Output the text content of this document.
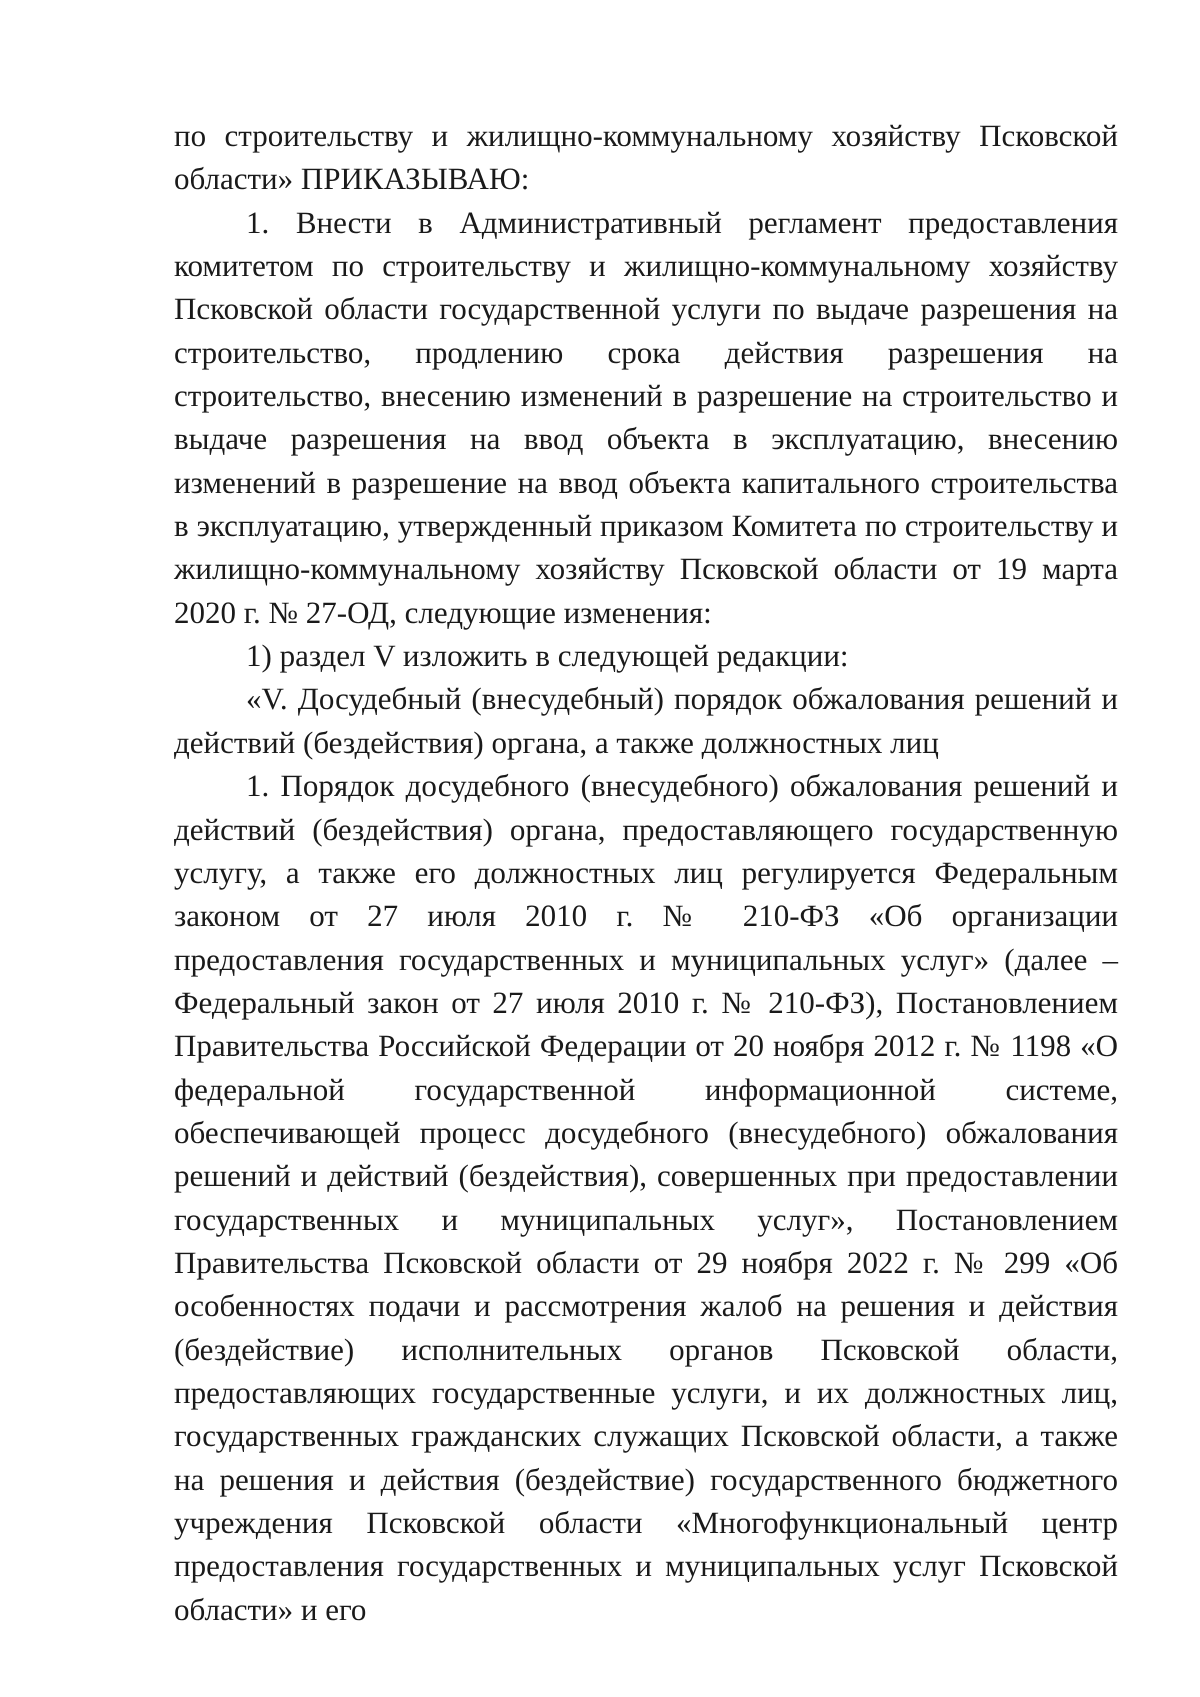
по строительству и жилищно-коммунальному хозяйству Псковской области» ПРИКАЗЫВАЮ:

1. Внести в Административный регламент предоставления комитетом по строительству и жилищно-коммунальному хозяйству Псковской области государственной услуги по выдаче разрешения на строительство, продлению срока действия разрешения на строительство, внесению изменений в разрешение на строительство и выдаче разрешения на ввод объекта в эксплуатацию, внесению изменений в разрешение на ввод объекта капитального строительства в эксплуатацию, утвержденный приказом Комитета по строительству и жилищно-коммунальному хозяйству Псковской области от 19 марта 2020 г. № 27-ОД, следующие изменения:

1) раздел V изложить в следующей редакции:

«V. Досудебный (внесудебный) порядок обжалования решений и действий (бездействия) органа, а также должностных лиц

1. Порядок досудебного (внесудебного) обжалования решений и действий (бездействия) органа, предоставляющего государственную услугу, а также его должностных лиц регулируется Федеральным законом от 27 июля 2010 г. № 210-ФЗ «Об организации предоставления государственных и муниципальных услуг» (далее – Федеральный закон от 27 июля 2010 г. № 210-ФЗ), Постановлением Правительства Российской Федерации от 20 ноября 2012 г. № 1198 «О федеральной государственной информационной системе, обеспечивающей процесс досудебного (внесудебного) обжалования решений и действий (бездействия), совершенных при предоставлении государственных и муниципальных услуг», Постановлением Правительства Псковской области от 29 ноября 2022 г. № 299 «Об особенностях подачи и рассмотрения жалоб на решения и действия (бездействие) исполнительных органов Псковской области, предоставляющих государственные услуги, и их должностных лиц, государственных гражданских служащих Псковской области, а также на решения и действия (бездействие) государственного бюджетного учреждения Псковской области «Многофункциональный центр предоставления государственных и муниципальных услуг Псковской области» и его
